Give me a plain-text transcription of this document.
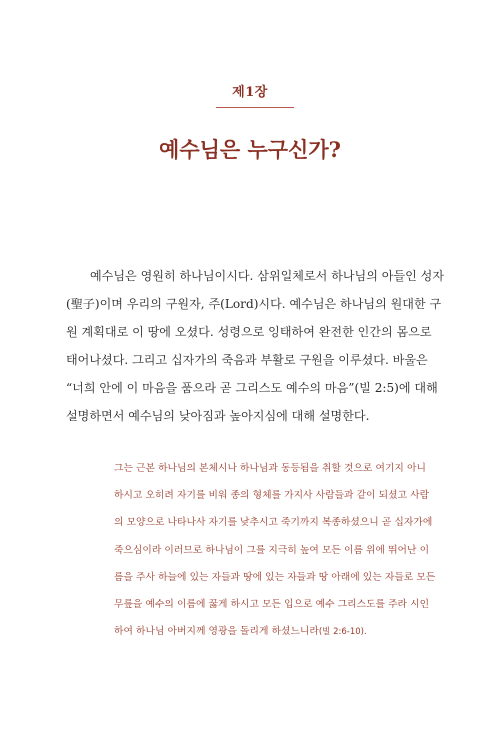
제1장
예수님은 누구신가?
예수님은 영원히 하나님이시다. 삼위일체로서 하나님의 아들인 성자
(聖子)이며 우리의 구원자, 주(Lord)시다. 예수님은 하나님의 원대한 구
원 계획대로 이 땅에 오셨다. 성령으로 잉태하여 완전한 인간의 몸으로
태어나셨다. 그리고 십자가의 죽음과 부활로 구원을 이루셨다. 바울은
“너희 안에 이 마음을 품으라 곧 그리스도 예수의 마음”(빌 2:5)에 대해
설명하면서 예수님의 낮아짐과 높아지심에 대해 설명한다.
그는 근본 하나님의 본체시나 하나님과 동등됨을 취할 것으로 여기지 아니
하시고 오히려 자기를 비워 종의 형체를 가지사 사람들과 같이 되셨고 사람
의 모양으로 나타나사 자기를 낮추시고 죽기까지 복종하셨으니 곧 십자가에
죽으심이라 이러므로 하나님이 그를 지극히 높여 모든 이름 위에 뛰어난 이
름을 주사 하늘에 있는 자들과 땅에 있는 자들과 땅 아래에 있는 자들로 모든
무릎을 예수의 이름에 꿇게 하시고 모든 입으로 예수 그리스도를 주라 시인
하여 하나님 아버지께 영광을 돌리게 하셨느니라(빌 2:6-10).
